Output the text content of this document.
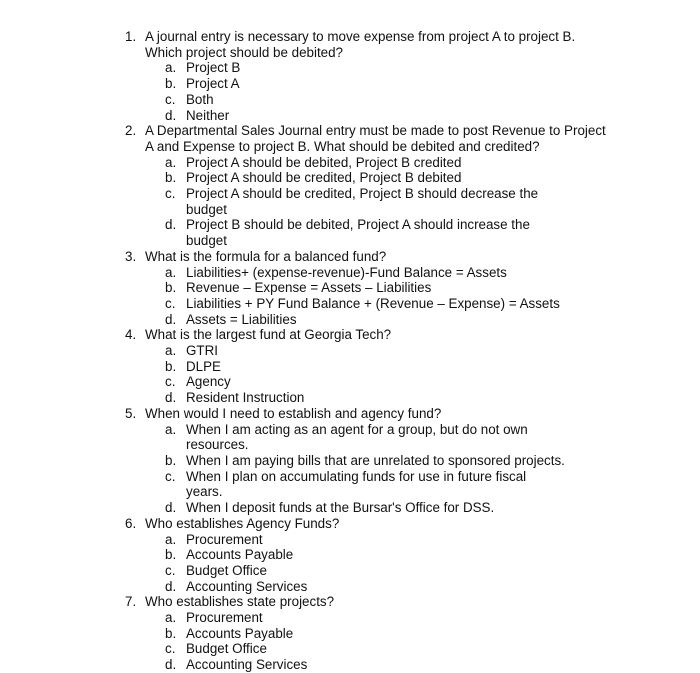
1. A journal entry is necessary to move expense from project A to project B. Which project should be debited?
a. Project B
b. Project A
c. Both
d. Neither
2. A Departmental Sales Journal entry must be made to post Revenue to Project A and Expense to project B. What should be debited and credited?
a. Project A should be debited, Project B credited
b. Project A should be credited, Project B debited
c. Project A should be credited, Project B should decrease the budget
d. Project B should be debited, Project A should increase the budget
3. What is the formula for a balanced fund?
a. Liabilities+ (expense-revenue)-Fund Balance = Assets
b. Revenue – Expense = Assets – Liabilities
c. Liabilities + PY Fund Balance + (Revenue – Expense) = Assets
d. Assets = Liabilities
4. What is the largest fund at Georgia Tech?
a. GTRI
b. DLPE
c. Agency
d. Resident Instruction
5. When would I need to establish and agency fund?
a. When I am acting as an agent for a group, but do not own resources.
b. When I am paying bills that are unrelated to sponsored projects.
c. When I plan on accumulating funds for use in future fiscal years.
d. When I deposit funds at the Bursar's Office for DSS.
6. Who establishes Agency Funds?
a. Procurement
b. Accounts Payable
c. Budget Office
d. Accounting Services
7. Who establishes state projects?
a. Procurement
b. Accounts Payable
c. Budget Office
d. Accounting Services
